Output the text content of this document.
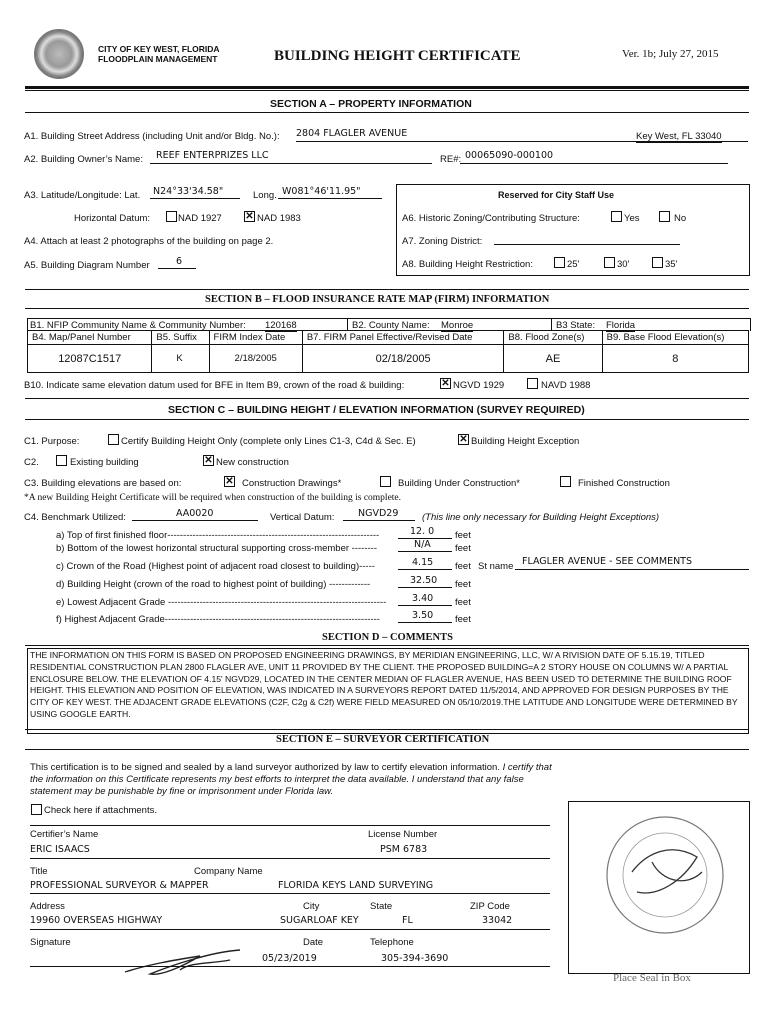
CITY OF KEY WEST, FLORIDA
FLOODPLAIN MANAGEMENT	BUILDING HEIGHT CERTIFICATE	Ver. 1b; July 27, 2015
SECTION A – PROPERTY INFORMATION
A1. Building Street Address (including Unit and/or Bldg. No.): 2804 FLAGLER AVENUE	Key West, FL 33040
A2. Building Owner’s Name: REEF ENTERPRIZES LLC	RE#: 00065090-000100
A3. Latitude/Longitude: Lat. N24°33'34.58"	Long. W081°46'11.95"
Horizontal Datum:	NAD 1927 ✕ NAD 1983
A4. Attach at least 2 photographs of the building on page 2.
A5. Building Diagram Number	6
Reserved for City Staff Use
A6. Historic Zoning/Contributing Structure:	Yes	No
A7. Zoning District:
A8. Building Height Restriction:	25'	30'	35'
SECTION B – FLOOD INSURANCE RATE MAP (FIRM) INFORMATION
B1. NFIP Community Name & Community Number: 120168	B2. County Name: Monroe	B3 State: Florida
B4. Map/Panel Number	B5. Suffix	FIRM Index Date	B7. FIRM Panel Effective/Revised Date	B8. Flood Zone(s)	B9. Base Flood Elevation(s)
12087C1517	K	2/18/2005	02/18/2005	AE	8
B10. Indicate same elevation datum used for BFE in Item B9, crown of the road & building:	✕ NGVD 1929	NAVD 1988
SECTION C – BUILDING HEIGHT / ELEVATION INFORMATION (SURVEY REQUIRED)
C1. Purpose:	Certify Building Height Only (complete only Lines C1-3, C4d & Sec. E)	✕ Building Height Exception
C2.	Existing building	✕ New construction
C3. Building elevations are based on:	✕ Construction Drawings*	Building Under Construction*	Finished Construction
*A new Building Height Certificate will be required when construction of the building is complete.
C4. Benchmark Utilized:	AA0020	Vertical Datum: NGVD29 (This line only necessary for Building Height Exceptions)
a) Top of first finished floor-------------------------------------------------------------------	12. 0 feet
b) Bottom of the lowest horizontal structural supporting cross-member --------	N/A	feet
c) Crown of the Road (Highest point of adjacent road closest to building)-----	4.15 feet St name FLAGLER AVENUE - SEE COMMENTS
d) Building Height (crown of the road to highest point of building) -------------	32.50 feet
e) Lowest Adjacent Grade ---------------------------------------------------------------------	3.40 feet
f) Highest Adjacent Grade--------------------------------------------------------------------	3.50 feet
SECTION D – COMMENTS
THE INFORMATION ON THIS FORM IS BASED ON PROPOSED ENGINEERING DRAWINGS, BY MERIDIAN ENGINEERING, LLC, W/ A RIVISION DATE OF 5.15.19, TITLED RESIDENTIAL CONSTRUCTION PLAN 2800 FLAGLER AVE, UNIT 11 PROVIDED BY THE CLIENT. THE PROPOSED BUILDING=A 2 STORY HOUSE ON COLUMNS W/ A PARTIAL ENCLOSURE BELOW. THE ELEVATION OF 4.15' NGVD29, LOCATED IN THE CENTER MEDIAN OF FLAGLER AVENUE, HAS BEEN USED TO DETERMINE THE BUILDING ROOF HEIGHT. THIS ELEVATION AND POSITION OF ELEVATION, WAS INDICATED IN A SURVEYORS REPORT DATED 11/5/2014, AND APPROVED FOR DESIGN PURPOSES BY THE CITY OF KEY WEST. THE ADJACENT GRADE ELEVATIONS (C2F, C2g & C2f) WERE FIELD MEASURED ON 05/10/2019.THE LATITUDE AND LONGITUDE WERE DETERMINED BY USING GOOGLE EARTH.
SECTION E – SURVEYOR CERTIFICATION
This certification is to be signed and sealed by a land surveyor authorized by law to certify elevation information. I certify that the information on this Certificate represents my best efforts to interpret the data available. I understand that any false statement may be punishable by fine or imprisonment under Florida law.
Check here if attachments.
Certifier’s Name
ERIC ISAACS
License Number
PSM 6783
Title	Company Name
PROFESSIONAL SURVEYOR & MAPPER	FLORIDA KEYS LAND SURVEYING
Address	City	State	ZIP Code
19960 OVERSEAS HIGHWAY	SUGARLOAF KEY	FL	33042
Signature	Date	Telephone
05/23/2019	305-394-3690
Place Seal in Box
